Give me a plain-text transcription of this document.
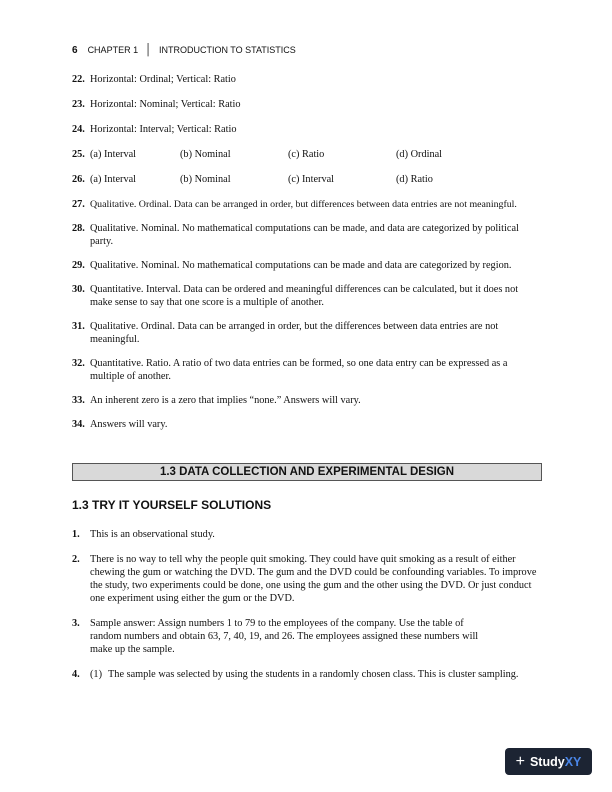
6 CHAPTER 1 │ INTRODUCTION TO STATISTICS
22. Horizontal: Ordinal; Vertical: Ratio
23. Horizontal: Nominal; Vertical: Ratio
24. Horizontal: Interval; Vertical: Ratio
25. (a) Interval	(b) Nominal	(c) Ratio	(d) Ordinal
26. (a) Interval	(b) Nominal	(c) Interval	(d) Ratio
27. Qualitative. Ordinal. Data can be arranged in order, but differences between data entries are not meaningful.
28. Qualitative. Nominal. No mathematical computations can be made, and data are categorized by political party.
29. Qualitative. Nominal. No mathematical computations can be made and data are categorized by region.
30. Quantitative. Interval. Data can be ordered and meaningful differences can be calculated, but it does not make sense to say that one score is a multiple of another.
31. Qualitative. Ordinal. Data can be arranged in order, but the differences between data entries are not meaningful.
32. Quantitative. Ratio. A ratio of two data entries can be formed, so one data entry can be expressed as a multiple of another.
33. An inherent zero is a zero that implies “none.” Answers will vary.
34. Answers will vary.
1.3 DATA COLLECTION AND EXPERIMENTAL DESIGN
1.3 TRY IT YOURSELF SOLUTIONS
1. This is an observational study.
2. There is no way to tell why the people quit smoking. They could have quit smoking as a result of either chewing the gum or watching the DVD. The gum and the DVD could be confounding variables. To improve the study, two experiments could be done, one using the gum and the other using the DVD. Or just conduct one experiment using either the gum or the DVD.
3. Sample answer: Assign numbers 1 to 79 to the employees of the company. Use the table of random numbers and obtain 63, 7, 40, 19, and 26. The employees assigned these numbers will make up the sample.
4. (1) The sample was selected by using the students in a randomly chosen class. This is cluster sampling.
+ Study XY
